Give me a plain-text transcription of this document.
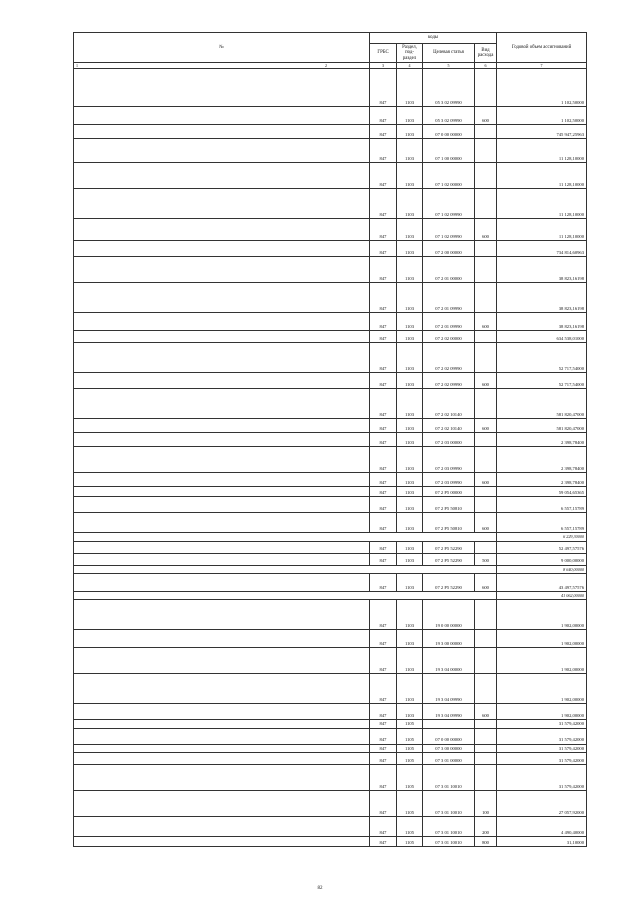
№	коды				Годовой объем ассигнований
	ГРБС	Раздел, под-раздел	Целевая статья	Вид расхода	
1 2	3	4	5	6	7
	847	1103	05 3 02 09990		1 102,50000
	847	1103	05 3 02 09990	600	1 102,50000
	847	1103	07 0 00 00000		745 947,25963
	847	1103	07 1 00 00000		11 128,10000
	847	1103	07 1 02 00000		11 128,10000
	847	1103	07 1 02 09990		11 128,10000
	847	1103	07 1 02 09990	600	11 128,10000
	847	1103	07 2 00 00000		734 814,60963
	847	1103	07 2 01 00000		38 823,16198
	847	1103	07 2 01 09990		38 823,16198
	847	1103	07 2 01 09990	600	38 823,16198
	847	1103	07 2 02 00000		634 538,01000
	847	1103	07 2 02 09990		52 717,54000
	847	1103	07 2 02 09990	600	52 717,54000
	847	1103	07 2 02 10140		581 820,47000
	847	1103	07 2 02 10140	600	581 820,47000
	847	1103	07 2 03 00000		2 398,78400
	847	1103	07 2 03 09990		2 398,78400
	847	1103	07 2 03 09990	600	2 398,78400
	847	1103	07 2 P5 00000		59 054,65365
	847	1103	07 2 P5 50810		6 557,15789
	847	1103	07 2 P5 50810	600	6 557,15789
					6 229,30000
	847	1103	07 2 P5 52290		52 497,57576
	847	1103	07 2 P5 52290	500	9 000,00000
					8 640,00000
	847	1103	07 2 P5 52290	600	43 497,57576
					41 062,00000
	847	1103	19 0 00 00000		1 902,00000
	847	1103	19 3 00 00000		1 902,00000
	847	1103	19 3 04 00000		1 902,00000
	847	1103	19 3 04 09990		1 902,00000
	847	1103	19 3 04 09990	600	1 902,00000
	847	1105			31 579,42000
	847	1105	07 0 00 00000		31 579,42000
	847	1105	07 3 00 00000		31 579,42000
	847	1105	07 3 01 00000		31 579,42000
	847	1105	07 3 01 10010		31 579,42000
	847	1105	07 3 01 10010	100	27 057,92000
	847	1105	07 3 01 10010	200	4 490,40000
	847	1105	07 3 01 10010	800	31,10000
82
